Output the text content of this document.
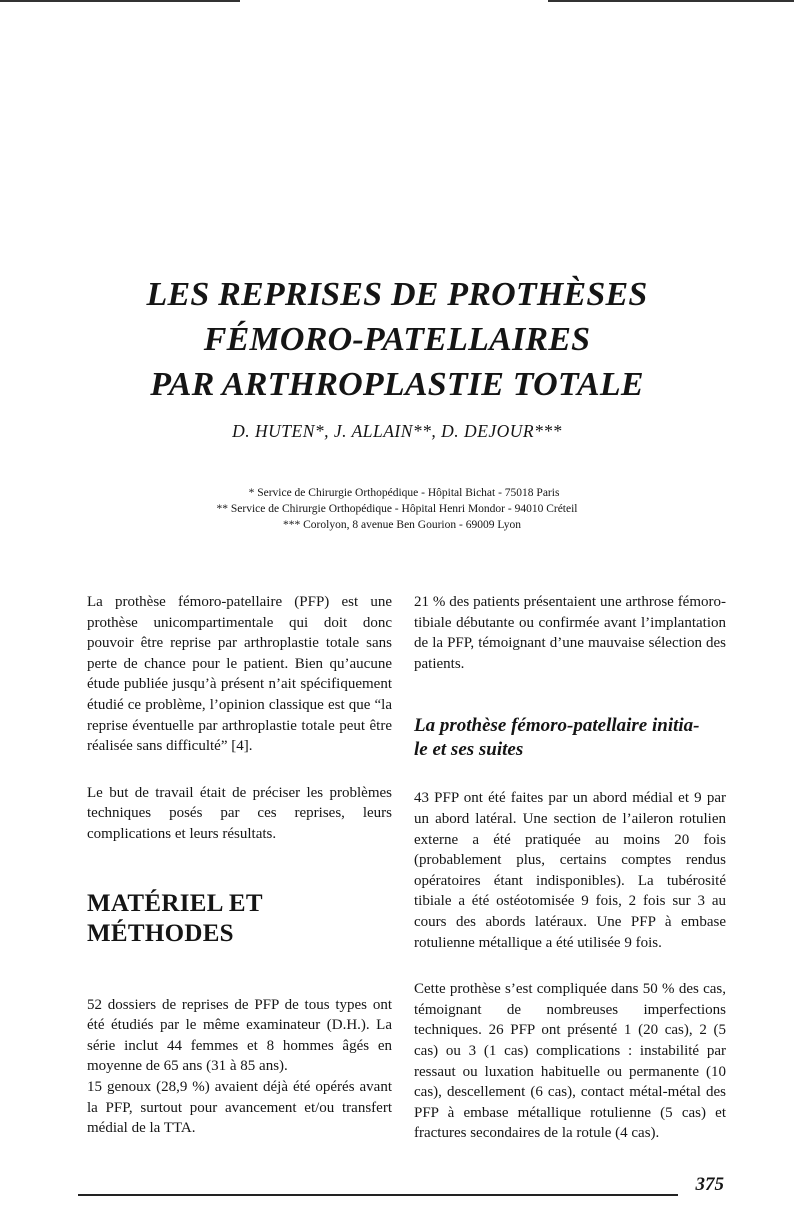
LES REPRISES DE PROTHÈSES

FÉMORO-PATELLAIRES

PAR ARTHROPLASTIE TOTALE

D. HUTEN*, J. ALLAIN**, D. DEJOUR***
* Service de Chirurgie Orthopédique - Hôpital Bichat - 75018 Paris
** Service de Chirurgie Orthopédique - Hôpital Henri Mondor - 94010 Créteil
*** Corolyon, 8 avenue Ben Gourion - 69009 Lyon

La prothèse fémoro-patellaire (PFP) est une prothèse unicompartimentale qui doit donc pouvoir être reprise par arthroplastie totale sans perte de chance pour le patient. Bien qu’aucune étude publiée jusqu’à présent n’ait spécifiquement étudié ce problème, l’opinion classique est que “la reprise éventuelle par arthroplastie totale peut être réalisée sans difficulté” [4].

Le but de travail était de préciser les problèmes techniques posés par ces reprises, leurs complications et leurs résultats.

MATÉRIEL ET
MÉTHODES

52 dossiers de reprises de PFP de tous types ont été étudiés par le même examinateur (D.H.). La série inclut 44 femmes et 8 hommes âgés en moyenne de 65 ans (31 à 85 ans).

15 genoux (28,9 %) avaient déjà été opérés avant la PFP, surtout pour avancement et/ou transfert médial de la TTA.

21 % des patients présentaient une arthrose fémoro-tibiale débutante ou confirmée avant l’implantation de la PFP, témoignant d’une mauvaise sélection des patients.

La prothèse fémoro-patellaire initia-
le et ses suites

43 PFP ont été faites par un abord médial et 9 par un abord latéral. Une section de l’aileron rotulien externe a été pratiquée au moins 20 fois (probablement plus, certains comptes rendus opératoires étant indisponibles). La tubérosité tibiale a été ostéotomisée 9 fois, 2 fois sur 3 au cours des abords latéraux. Une PFP à embase rotulienne métallique a été utilisée 9 fois.

Cette prothèse s’est compliquée dans 50 % des cas, témoignant de nombreuses imperfections techniques. 26 PFP ont présenté 1 (20 cas), 2 (5 cas) ou 3 (1 cas) complications : instabilité par ressaut ou luxation habituelle ou permanente (10 cas), descellement (6 cas), contact métal-métal des PFP à embase métallique rotulienne (5 cas) et fractures secondaires de la rotule (4 cas).

375
